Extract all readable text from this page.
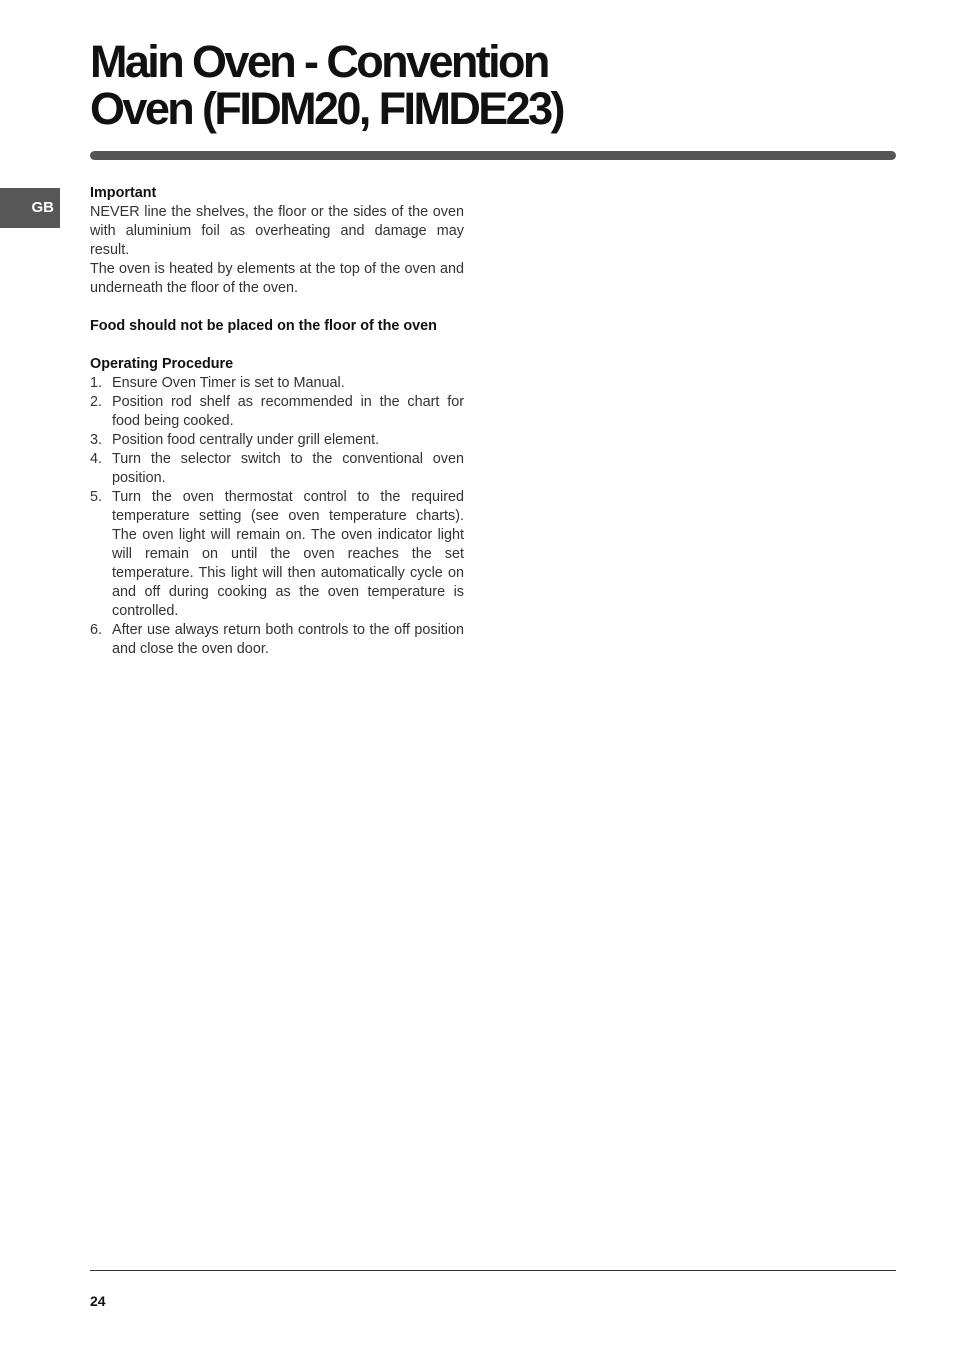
Main Oven - Convention
Oven (FIDM20, FIMDE23)
GB

Important

NEVER line the shelves, the floor or the sides of the oven with aluminium foil as overheating and damage may result.

The oven is heated by elements at the top of the oven and underneath the floor of the oven.

Food should not be placed on the floor of the oven

Operating Procedure

1. Ensure Oven Timer is set to Manual.
2. Position rod shelf as recommended in the chart for food being cooked.
3. Position food centrally under grill element.
4. Turn the selector switch to the conventional oven position.
5. Turn the oven thermostat control to the required temperature setting (see oven temperature charts). The oven light will remain on. The oven indicator light will remain on until the oven reaches the set temperature. This light will then automatically cycle on and off during cooking as the oven temperature is controlled.
6. After use always return both controls to the off position and close the oven door.
24
